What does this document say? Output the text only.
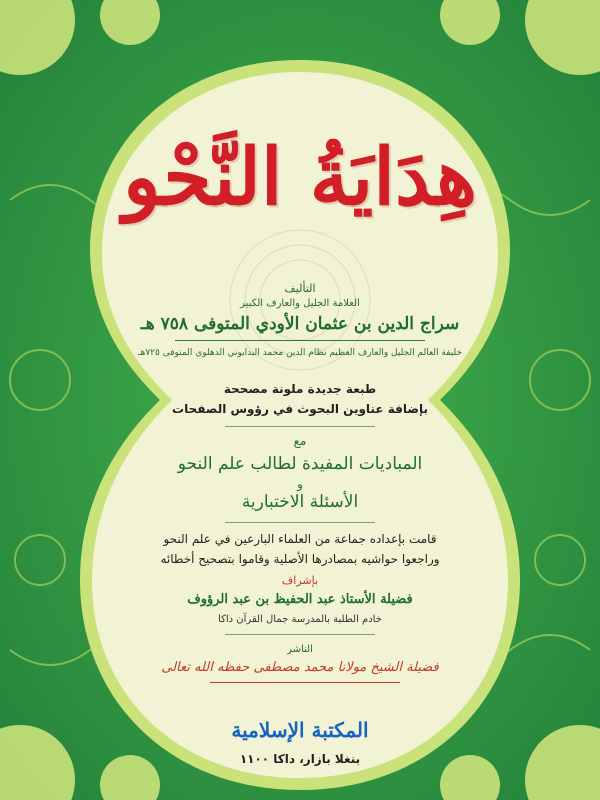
هِدَايَةُ النَّحْو
التأليف
العلامة الجليل والعارف الكبير
سراج الدين بن عثمان الأودي المتوفى ٧٥٨ هـ
خليفة العالم الجليل والعارف العظيم نظام الدين محمد البدايوني الدهلوي المتوفى ٧٢٥هـ
طبعة جديدة ملونة مصححة
بإضافة عناوين البحوث في رؤوس الصفحات
مع
المباديات المفيدة لطالب علم النحو
و
الأسئلة الاختبارية
قامت بإعداده جماعة من العلماء البارعين في علم النحو
وراجعوا حواشيه بمصادرها الأصلية وقاموا بتصحيح أخطائه
بإشراف
فضيلة الأستاذ عبد الحفيظ بن عبد الرؤوف
خادم الطلبة بالمدرسة جمال القرآن داكا
الناشر
فضيلة الشيخ مولانا محمد مصطفى حفظه الله تعالى
المكتبة الإسلامية
بنغلا بازار، داكا ١١٠٠
